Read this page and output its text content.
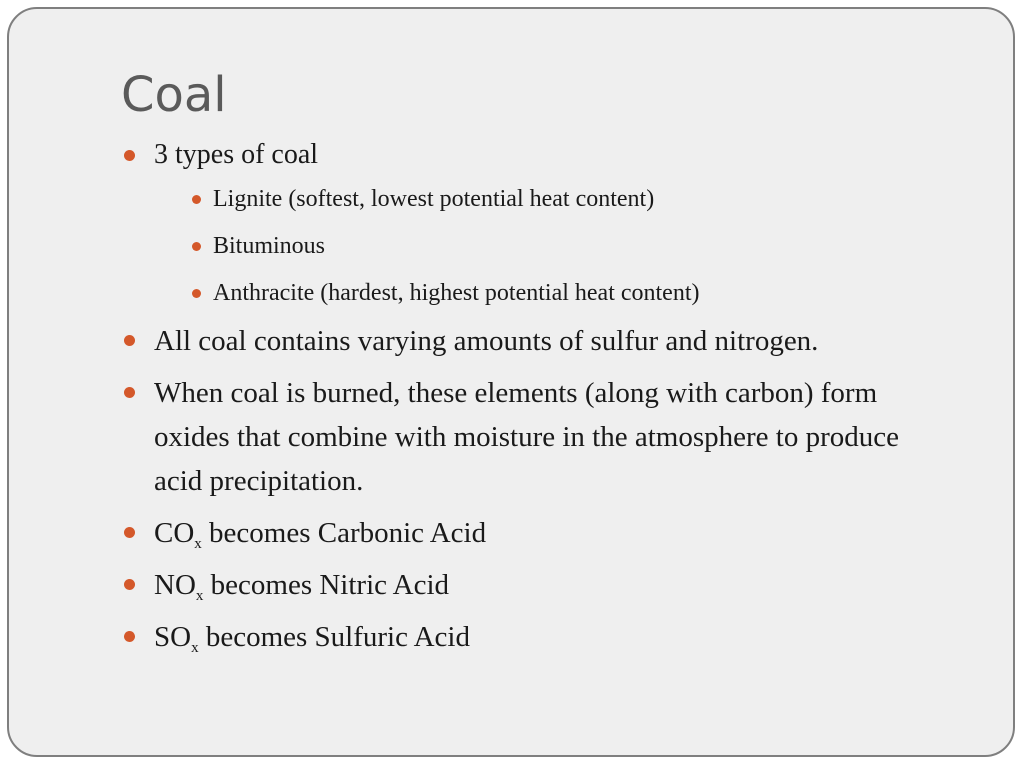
Coal
3 types of coal
Lignite (softest, lowest potential heat content)
Bituminous
Anthracite (hardest, highest potential heat content)
All coal contains varying amounts of sulfur and nitrogen.
When coal is burned, these elements (along with carbon) form oxides that combine with moisture in the atmosphere to produce acid precipitation.
$CO_x$ becomes Carbonic Acid
$NO_x$ becomes Nitric Acid
$SO_x$ becomes Sulfuric Acid
